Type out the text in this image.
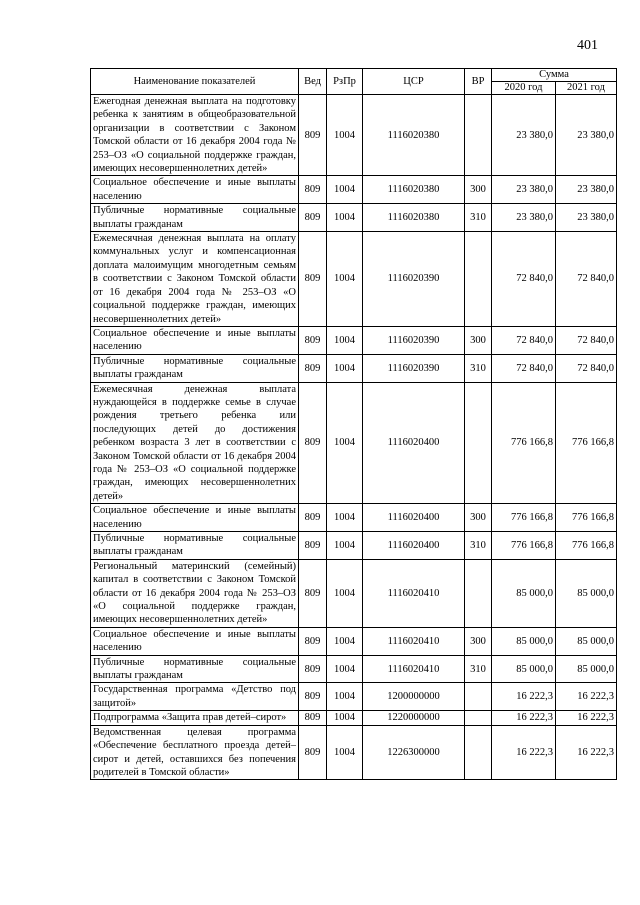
401
Наименование показателей	Вед	РзПр	ЦСР	ВР	Сумма	
					2020 год	2021 год
Ежегодная денежная выплата на подготовку ребенка к занятиям в общеобразовательной организации в соответствии с Законом Томской области от 16 декабря 2004 года № 253–ОЗ «О социальной поддержке граждан, имеющих несовершеннолетних детей»	809	1004	1116020380		23 380,0	23 380,0
Социальное обеспечение и иные выплаты населению	809	1004	1116020380	300	23 380,0	23 380,0
Публичные нормативные социальные выплаты гражданам	809	1004	1116020380	310	23 380,0	23 380,0
Ежемесячная денежная выплата на оплату коммунальных услуг и компенсационная доплата малоимущим многодетным семьям в соответствии с Законом Томской области от 16 декабря 2004 года № 253–ОЗ «О социальной поддержке граждан, имеющих несовершеннолетних детей»	809	1004	1116020390		72 840,0	72 840,0
Социальное обеспечение и иные выплаты населению	809	1004	1116020390	300	72 840,0	72 840,0
Публичные нормативные социальные выплаты гражданам	809	1004	1116020390	310	72 840,0	72 840,0
Ежемесячная денежная выплата нуждающейся в поддержке семье в случае рождения третьего ребенка или последующих детей до достижения ребенком возраста 3 лет в соответствии с Законом Томской области от 16 декабря 2004 года № 253–ОЗ «О социальной поддержке граждан, имеющих несовершеннолетних детей»	809	1004	1116020400		776 166,8	776 166,8
Социальное обеспечение и иные выплаты населению	809	1004	1116020400	300	776 166,8	776 166,8
Публичные нормативные социальные выплаты гражданам	809	1004	1116020400	310	776 166,8	776 166,8
Региональный материнский (семейный) капитал в соответствии с Законом Томской области от 16 декабря 2004 года № 253–ОЗ «О социальной поддержке граждан, имеющих несовершеннолетних детей»	809	1004	1116020410		85 000,0	85 000,0
Социальное обеспечение и иные выплаты населению	809	1004	1116020410	300	85 000,0	85 000,0
Публичные нормативные социальные выплаты гражданам	809	1004	1116020410	310	85 000,0	85 000,0
Государственная программа «Детство под защитой»	809	1004	1200000000		16 222,3	16 222,3
Подпрограмма «Защита прав детей–сирот»	809	1004	1220000000		16 222,3	16 222,3
Ведомственная целевая программа «Обеспечение бесплатного проезда детей–сирот и детей, оставшихся без попечения родителей в Томской области»	809	1004	1226300000		16 222,3	16 222,3
